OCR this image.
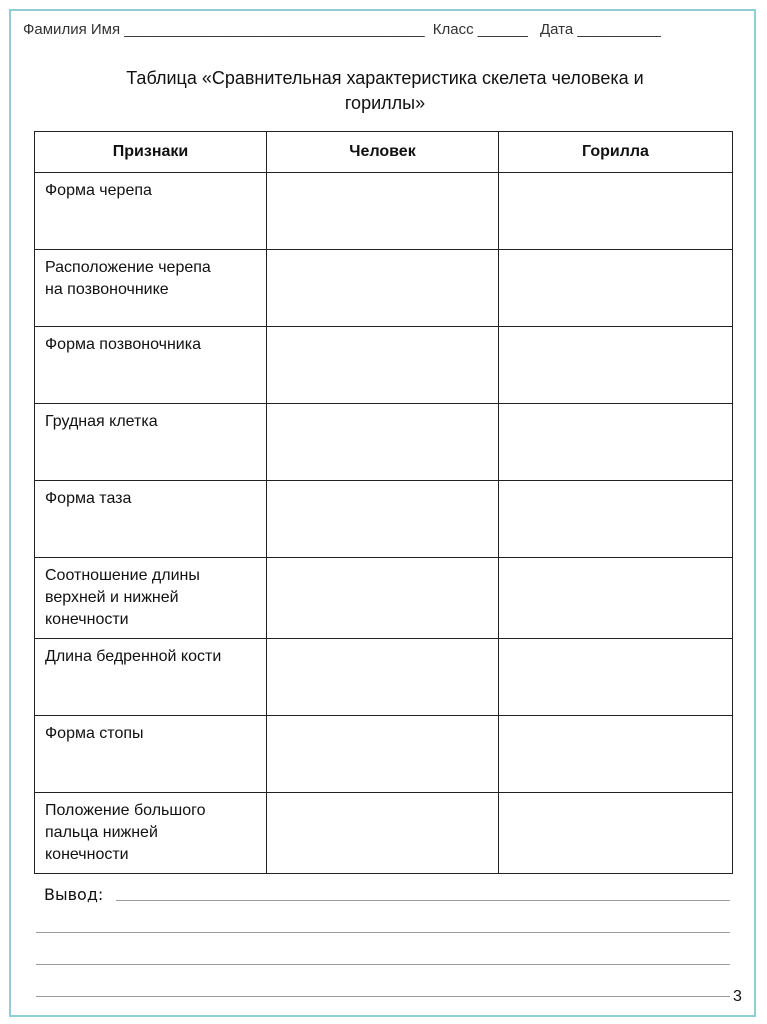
Фамилия Имя ____________________________________ Класс ______ Дата __________
Таблица «Сравнительная характеристика скелета человека и
гориллы»
Признаки	Человек	Горилла

Форма черепа		

Расположение черепа
на позвоночнике		

Форма позвоночника		

Грудная клетка		

Форма таза		

Соотношение длины
верхней и нижней
конечности		

Длина бедренной кости		

Форма стопы		

Положение большого
пальца нижней
конечности		

Вывод:
3
